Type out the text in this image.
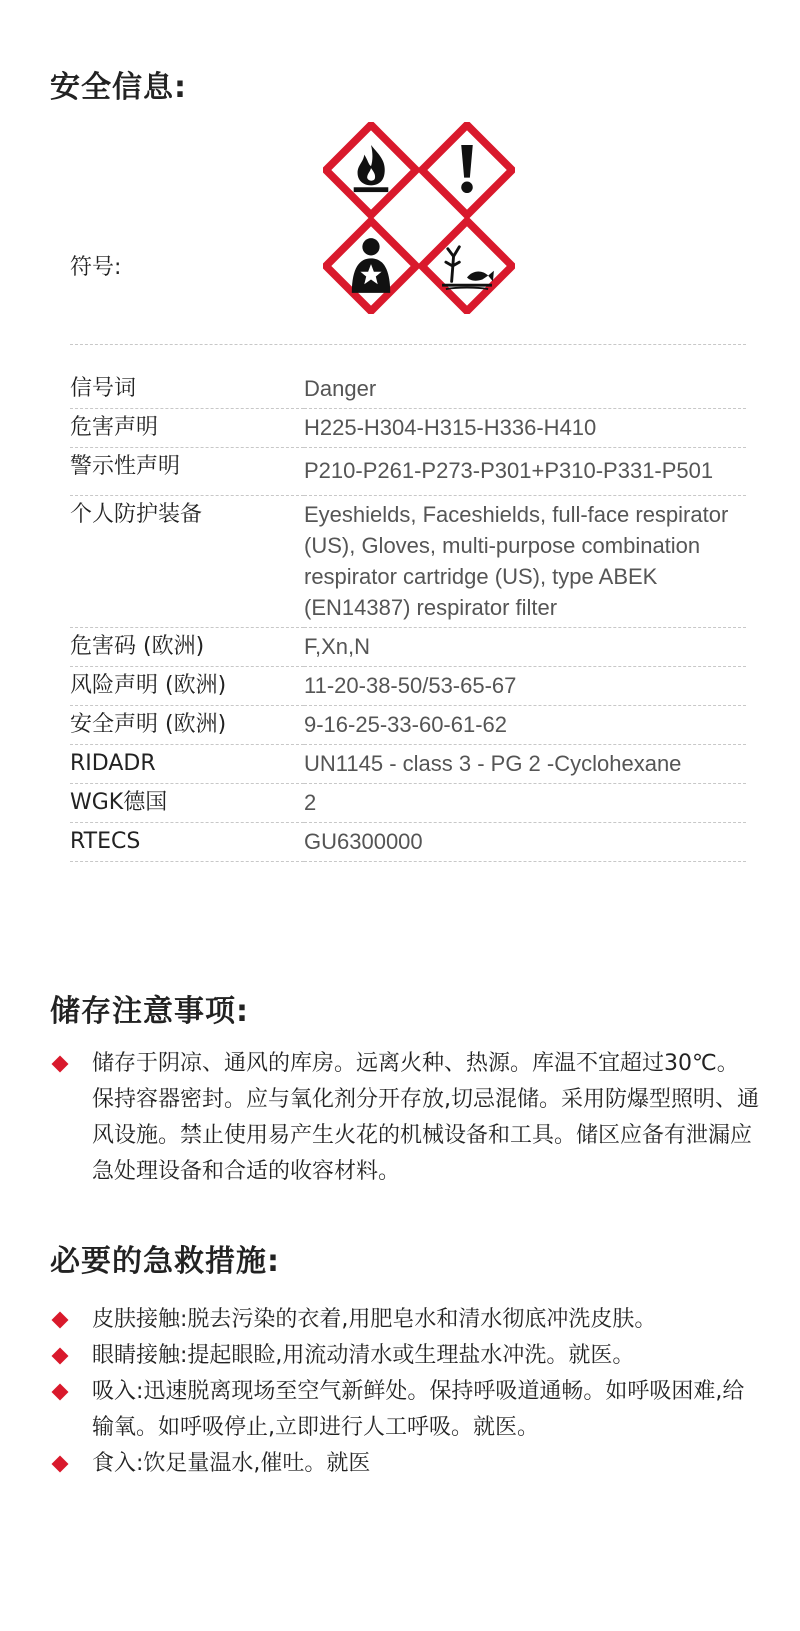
安全信息:
符号:
信号词	Danger
危害声明	H225-H304-H315-H336-H410
警示性声明	P210-P261-P273-P301+P310-P331-P501
个人防护装备	Eyeshields, Faceshields, full-face respirator (US), Gloves, multi-purpose combination respirator cartridge (US), type ABEK (EN14387) respirator filter
危害码 (欧洲)	F,Xn,N
风险声明 (欧洲)	11-20-38-50/53-65-67
安全声明 (欧洲)	9-16-25-33-60-61-62
RIDADR	UN1145 - class 3 - PG 2 -Cyclohexane
WGK德国	2
RTECS	GU6300000
储存注意事项:
储存于阴凉、通风的库房。远离火种、热源。库温不宜超过30℃。保持容器密封。应与氧化剂分开存放,切忌混储。采用防爆型照明、通风设施。禁止使用易产生火花的机械设备和工具。储区应备有泄漏应急处理设备和合适的收容材料。
必要的急救措施:
皮肤接触:脱去污染的衣着,用肥皂水和清水彻底冲洗皮肤。
眼睛接触:提起眼睑,用流动清水或生理盐水冲洗。就医。
吸入:迅速脱离现场至空气新鲜处。保持呼吸道通畅。如呼吸困难,给输氧。如呼吸停止,立即进行人工呼吸。就医。
食入:饮足量温水,催吐。就医
